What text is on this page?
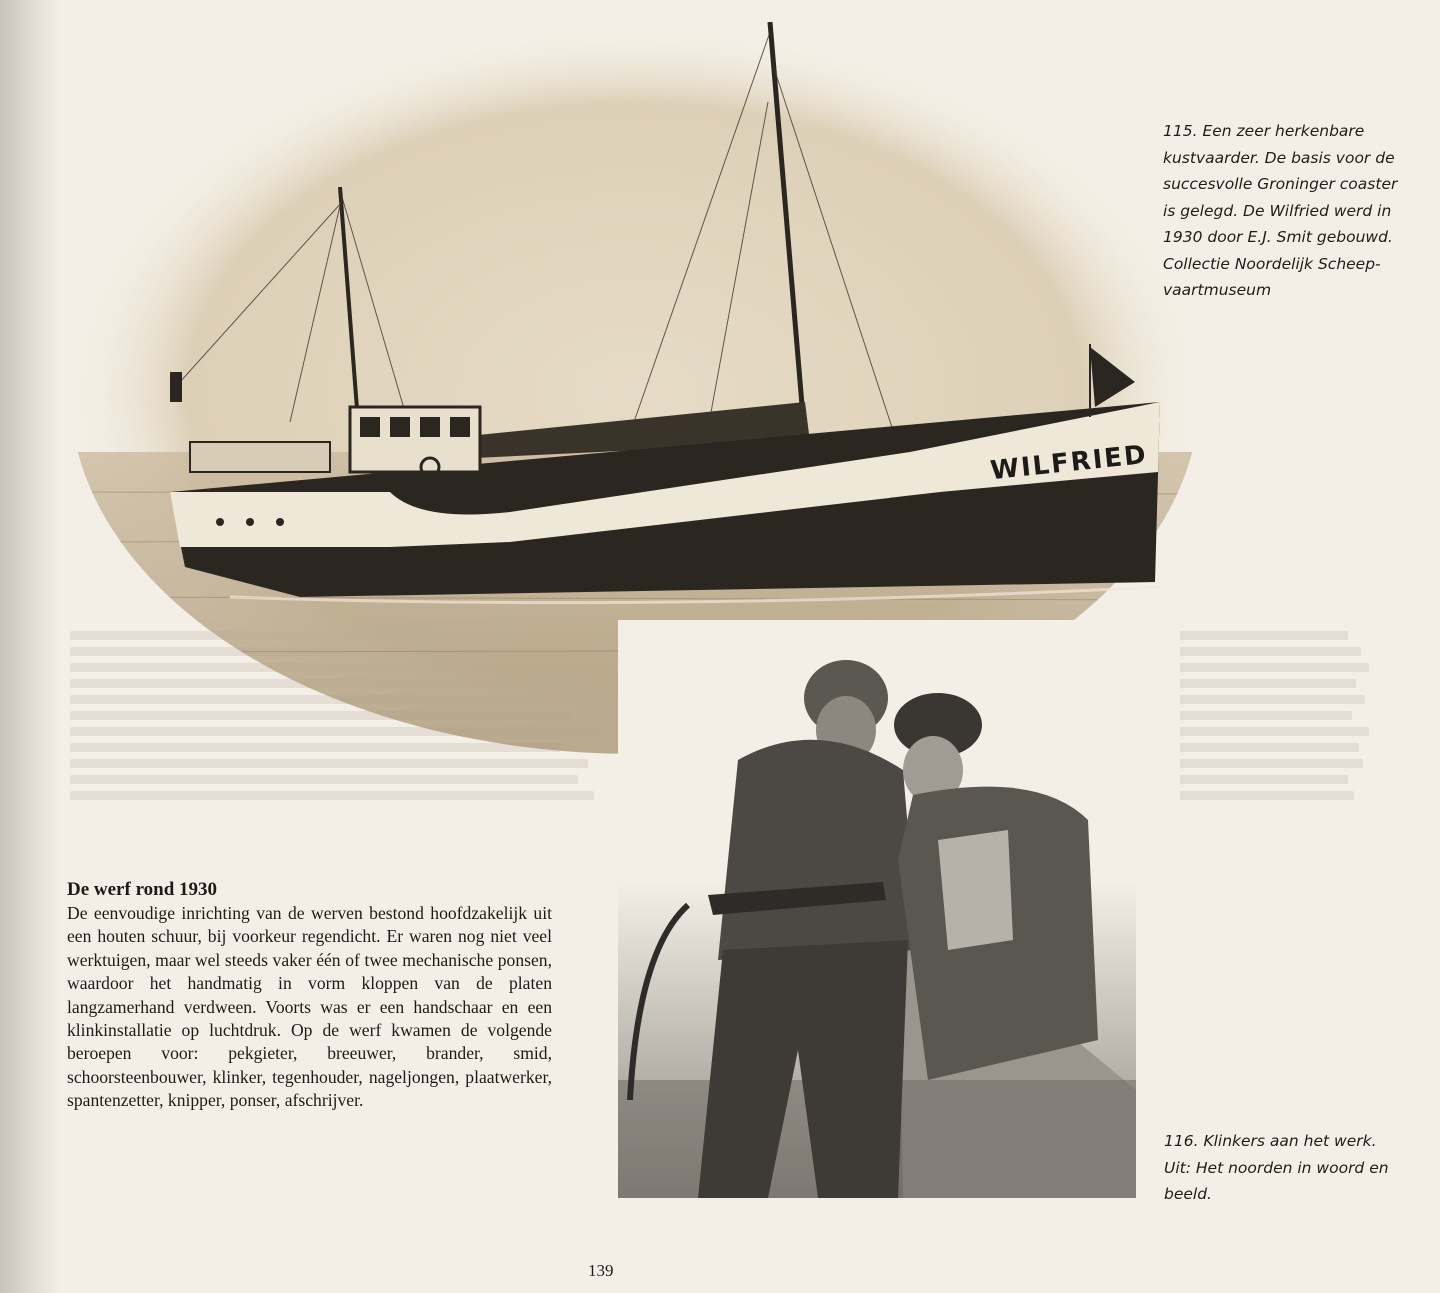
WILFRIED

115. Een zeer herkenbare
kustvaarder. De basis voor de
succesvolle Groninger coaster
is gelegd. De Wilfried werd in
1930 door E.J. Smit gebouwd.
Collectie Noordelijk Scheep-
vaartmuseum

116. Klinkers aan het werk.
Uit: Het noorden in woord en
beeld.

De werf rond 1930

De eenvoudige inrichting van de werven bestond hoofdzakelijk uit een houten schuur, bij voorkeur regendicht. Er waren nog niet veel werktuigen, maar wel steeds vaker één of twee mechanische ponsen, waardoor het handmatig in vorm kloppen van de platen langzamerhand verdween. Voorts was er een handschaar en een klinkinstallatie op luchtdruk. Op de werf kwamen de volgende beroepen voor: pekgieter, breeuwer, brander, smid, schoorsteenbouwer, klinker, tegenhouder, nageljongen, plaatwerker, spantenzetter, knipper, ponser, afschrijver.

139
